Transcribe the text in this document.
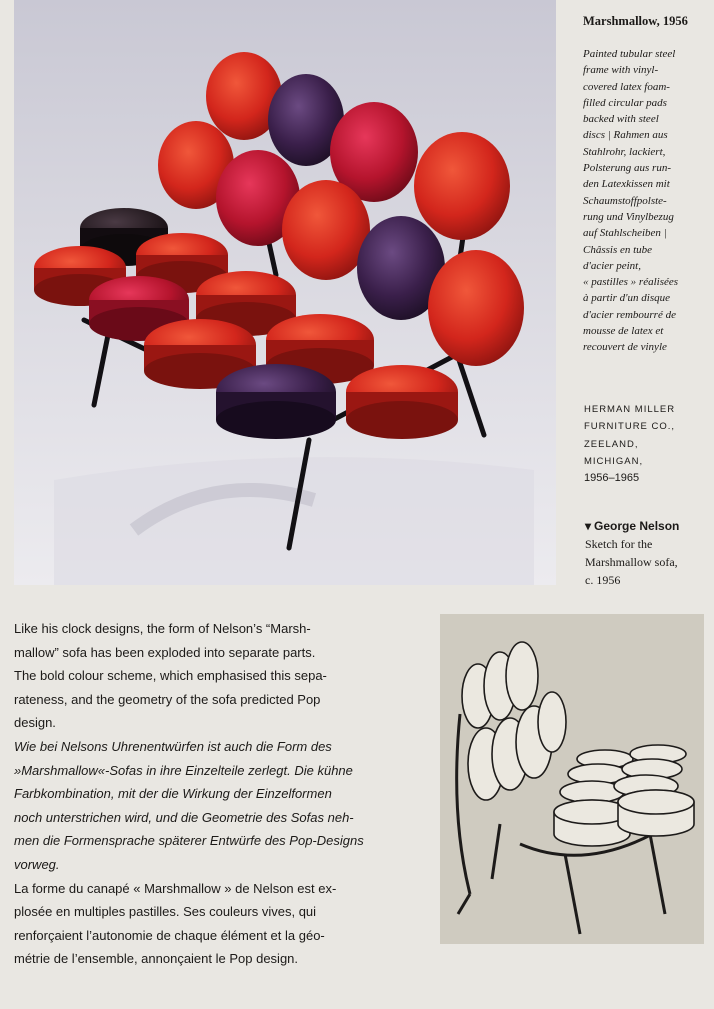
Marshmallow, 1956

Painted tubular steel
frame with vinyl-
covered latex foam-
filled circular pads
backed with steel
discs | Rahmen aus
Stahlrohr, lackiert,
Polsterung aus run-
den Latexkissen mit
Schaumstoffpolste-
rung und Vinylbezug
auf Stahlscheiben |
Châssis en tube
d'acier peint,
« pastilles » réalisées
à partir d'un disque
d'acier rembourré de
mousse de latex et
recouvert de vinyle

HERMAN MILLER
FURNITURE CO.,
ZEELAND,
MICHIGAN,
1956–1965

▾ George Nelson
Sketch for the
Marshmallow sofa,
c. 1956

Like his clock designs, the form of Nelson’s “Marsh-
mallow” sofa has been exploded into separate parts.
The bold colour scheme, which emphasised this sepa-
rateness, and the geometry of the sofa predicted Pop
design.

Wie bei Nelsons Uhrenentwürfen ist auch die Form des
»Marshmallow«-Sofas in ihre Einzelteile zerlegt. Die kühne
Farbkombination, mit der die Wirkung der Einzelformen
noch unterstrichen wird, und die Geometrie des Sofas neh-
men die Formensprache späterer Entwürfe des Pop-Designs
vorweg.

La forme du canapé « Marshmallow » de Nelson est ex-
plosée en multiples pastilles. Ses couleurs vives, qui
renforçaient l’autonomie de chaque élément et la géo-
métrie de l’ensemble, annonçaient le Pop design.
